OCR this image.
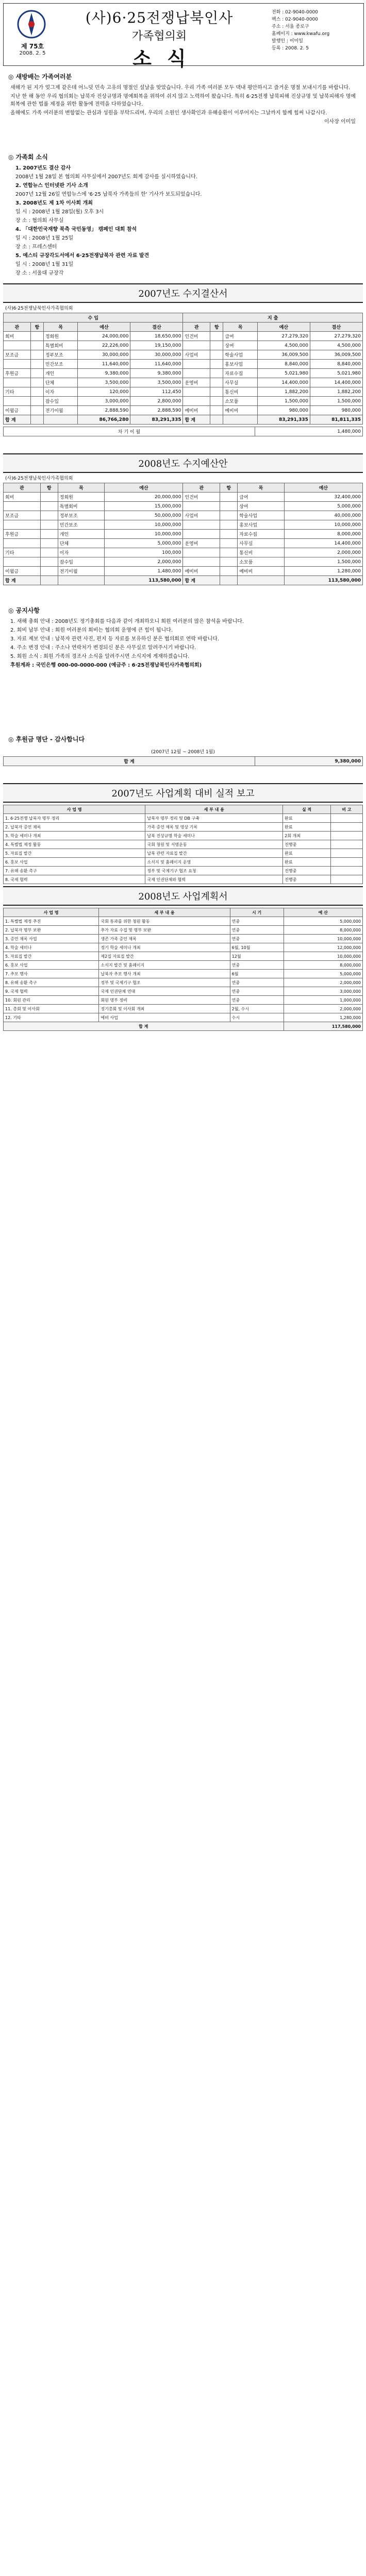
제 75호
2008. 2. 5
(사)6·25전쟁납북인사
가족협의회
소식
전화 : 02-9040-0000
팩스 : 02-9040-0000
주소 : 서울 종로구
홈페이지 : www.kwafu.org
발행인 : 이미일
등록 : 2008. 2. 5
◎ 새방배는 가족여러분

새해가 된 지가 엊그제 같은데 어느덧 민속 고유의 명절인 설날을 맞았습니다. 우리 가족 여러분 모두 댁내 평안하시고 즐거운 명절 보내시기를 바랍니다.

지난 한 해 동안 우리 협의회는 납북자 진상규명과 명예회복을 위하여 쉬지 않고 노력하여 왔습니다. 특히 6·25전쟁 납북피해 진상규명 및 납북피해자 명예회복에 관한 법률 제정을 위한 활동에 전력을 다하였습니다.

올해에도 가족 여러분의 변함없는 관심과 성원을 부탁드리며, 우리의 소원인 생사확인과 유해송환이 이루어지는 그날까지 함께 힘써 나갑시다.

이사장 이미일

◎ 가족회 소식
1. 2007년도 결산 감사
2008년 1월 28일 본 협의회 사무실에서 2007년도 회계 감사를 실시하였습니다.
2. 연합뉴스 인터넷판 기사 소개
2007년 12월 26일 연합뉴스에 '6·25 납북자 가족들의 한' 기사가 보도되었습니다.
3. 2008년도 제 1차 이사회 개최
일 시 : 2008년 1월 28일(월) 오후 3시
장 소 : 협의회 사무실
4. 「대한민국재향 북측 국민동영」 캠페인 대회 참석
일 시 : 2008년 1월 25일
장 소 : 프레스센터
5. 예스티 규장각도서에서 6·25전쟁납북자 관련 자료 발견
일 시 : 2008년 1월 31일
장 소 : 서울대 규장각
2007년도 수지결산서
(사)6·25전쟁납북인사가족협의회
수 입					지 출				
관	항	목	예산	결산	관	항	목	예산	결산
회비		정회원	24,000,000	18,650,000	인건비		급여	27,279,320	27,279,320
		특별회비	22,226,000	19,150,000			상여	4,500,000	4,500,000
보조금		정부보조	30,000,000	30,000,000	사업비		학술사업	36,009,500	36,009,500
		민간보조	11,640,000	11,640,000			홍보사업	8,840,000	8,840,000
후원금		개인	9,380,000	9,380,000			자료수집	5,021,980	5,021,980
		단체	3,500,000	3,500,000	운영비		사무실	14,400,000	14,400,000
기타		이자	120,000	112,450			통신비	1,882,200	1,882,200
		잡수입	3,000,000	2,800,000			소모품	1,500,000	1,500,000
이월금		전기이월	2,888,590	2,888,590	예비비		예비비	980,000	980,000
합 계			86,766,280	83,291,335	합 계			83,291,335	81,811,335
차 기 이 월	1,480,000
2008년도 수지예산안
(사)6·25전쟁납북인사가족협의회
관	항	목	예산	관	항	목	예산
회비		정회원	20,000,000	인건비		급여	32,400,000
		특별회비	15,000,000			상여	5,000,000
보조금		정부보조	50,000,000	사업비		학술사업	40,000,000
		민간보조	10,000,000			홍보사업	10,000,000
후원금		개인	10,000,000			자료수집	8,000,000
		단체	5,000,000	운영비		사무실	14,400,000
기타		이자	100,000			통신비	2,000,000
		잡수입	2,000,000			소모품	1,500,000
이월금		전기이월	1,480,000	예비비		예비비	1,280,000
합 계			113,580,000	합 계			113,580,000
◎ 공지사항

1. 새해 총회 안내 : 2008년도 정기총회를 다음과 같이 개최하오니 회원 여러분의 많은 참석을 바랍니다.

2. 회비 납부 안내 : 회원 여러분의 회비는 협의회 운영에 큰 힘이 됩니다.

3. 자료 제보 안내 : 납북자 관련 사진, 편지 등 자료를 보유하신 분은 협의회로 연락 바랍니다.

4. 주소 변경 안내 : 주소나 연락처가 변경되신 분은 사무실로 알려주시기 바랍니다.

5. 회원 소식 : 회원 가족의 경조사 소식을 알려주시면 소식지에 게재하겠습니다.

후원계좌 : 국민은행 000-00-0000-000 (예금주 : 6·25전쟁납북인사가족협의회)

◎ 후원금 명단 - 감사합니다
(2007년 12월 ~ 2008년 1월)
합 계	9,380,000
2007년도 사업계획 대비 실적 보고
사 업 명	세 부 내 용	실 적	비 고
1. 6·25전쟁 납북자 명부 정리	납북자 명부 정리 및 DB 구축	완료	
2. 납북자 증언 채록	가족 증언 채록 및 영상 기록	완료	
3. 학술 세미나 개최	납북 진상규명 학술 세미나	2회 개최	
4. 특별법 제정 활동	국회 청원 및 서명운동	진행중	
5. 자료집 발간	납북 관련 자료집 발간	완료	
6. 홍보 사업	소식지 및 홈페이지 운영	완료	
7. 유해 송환 촉구	정부 및 국제기구 협조 요청	진행중	
8. 국제 협력	국제 인권단체와 협력	진행중	
2008년도 사업계획서
사 업 명	세 부 내 용	시 기	예 산
1. 특별법 제정 추진	국회 통과를 위한 청원 활동	연중	5,000,000
2. 납북자 명부 보완	추가 자료 수집 및 명부 보완	연중	8,000,000
3. 증언 채록 사업	생존 가족 증언 채록	연중	10,000,000
4. 학술 세미나	정기 학술 세미나 개최	6월, 10월	12,000,000
5. 자료집 발간	제2집 자료집 발간	12월	10,000,000
6. 홍보 사업	소식지 발간 및 홈페이지	연중	8,000,000
7. 추모 행사	납북자 추모 행사 개최	6월	5,000,000
8. 유해 송환 촉구	정부 및 국제기구 협조	연중	2,000,000
9. 국제 협력	국제 인권단체 연대	연중	3,000,000
10. 회원 관리	회원 명부 정비	연중	1,000,000
11. 총회 및 이사회	정기총회 및 이사회 개최	2월, 수시	2,000,000
12. 기타	예비 사업	수시	1,280,000
합 계			117,580,000
